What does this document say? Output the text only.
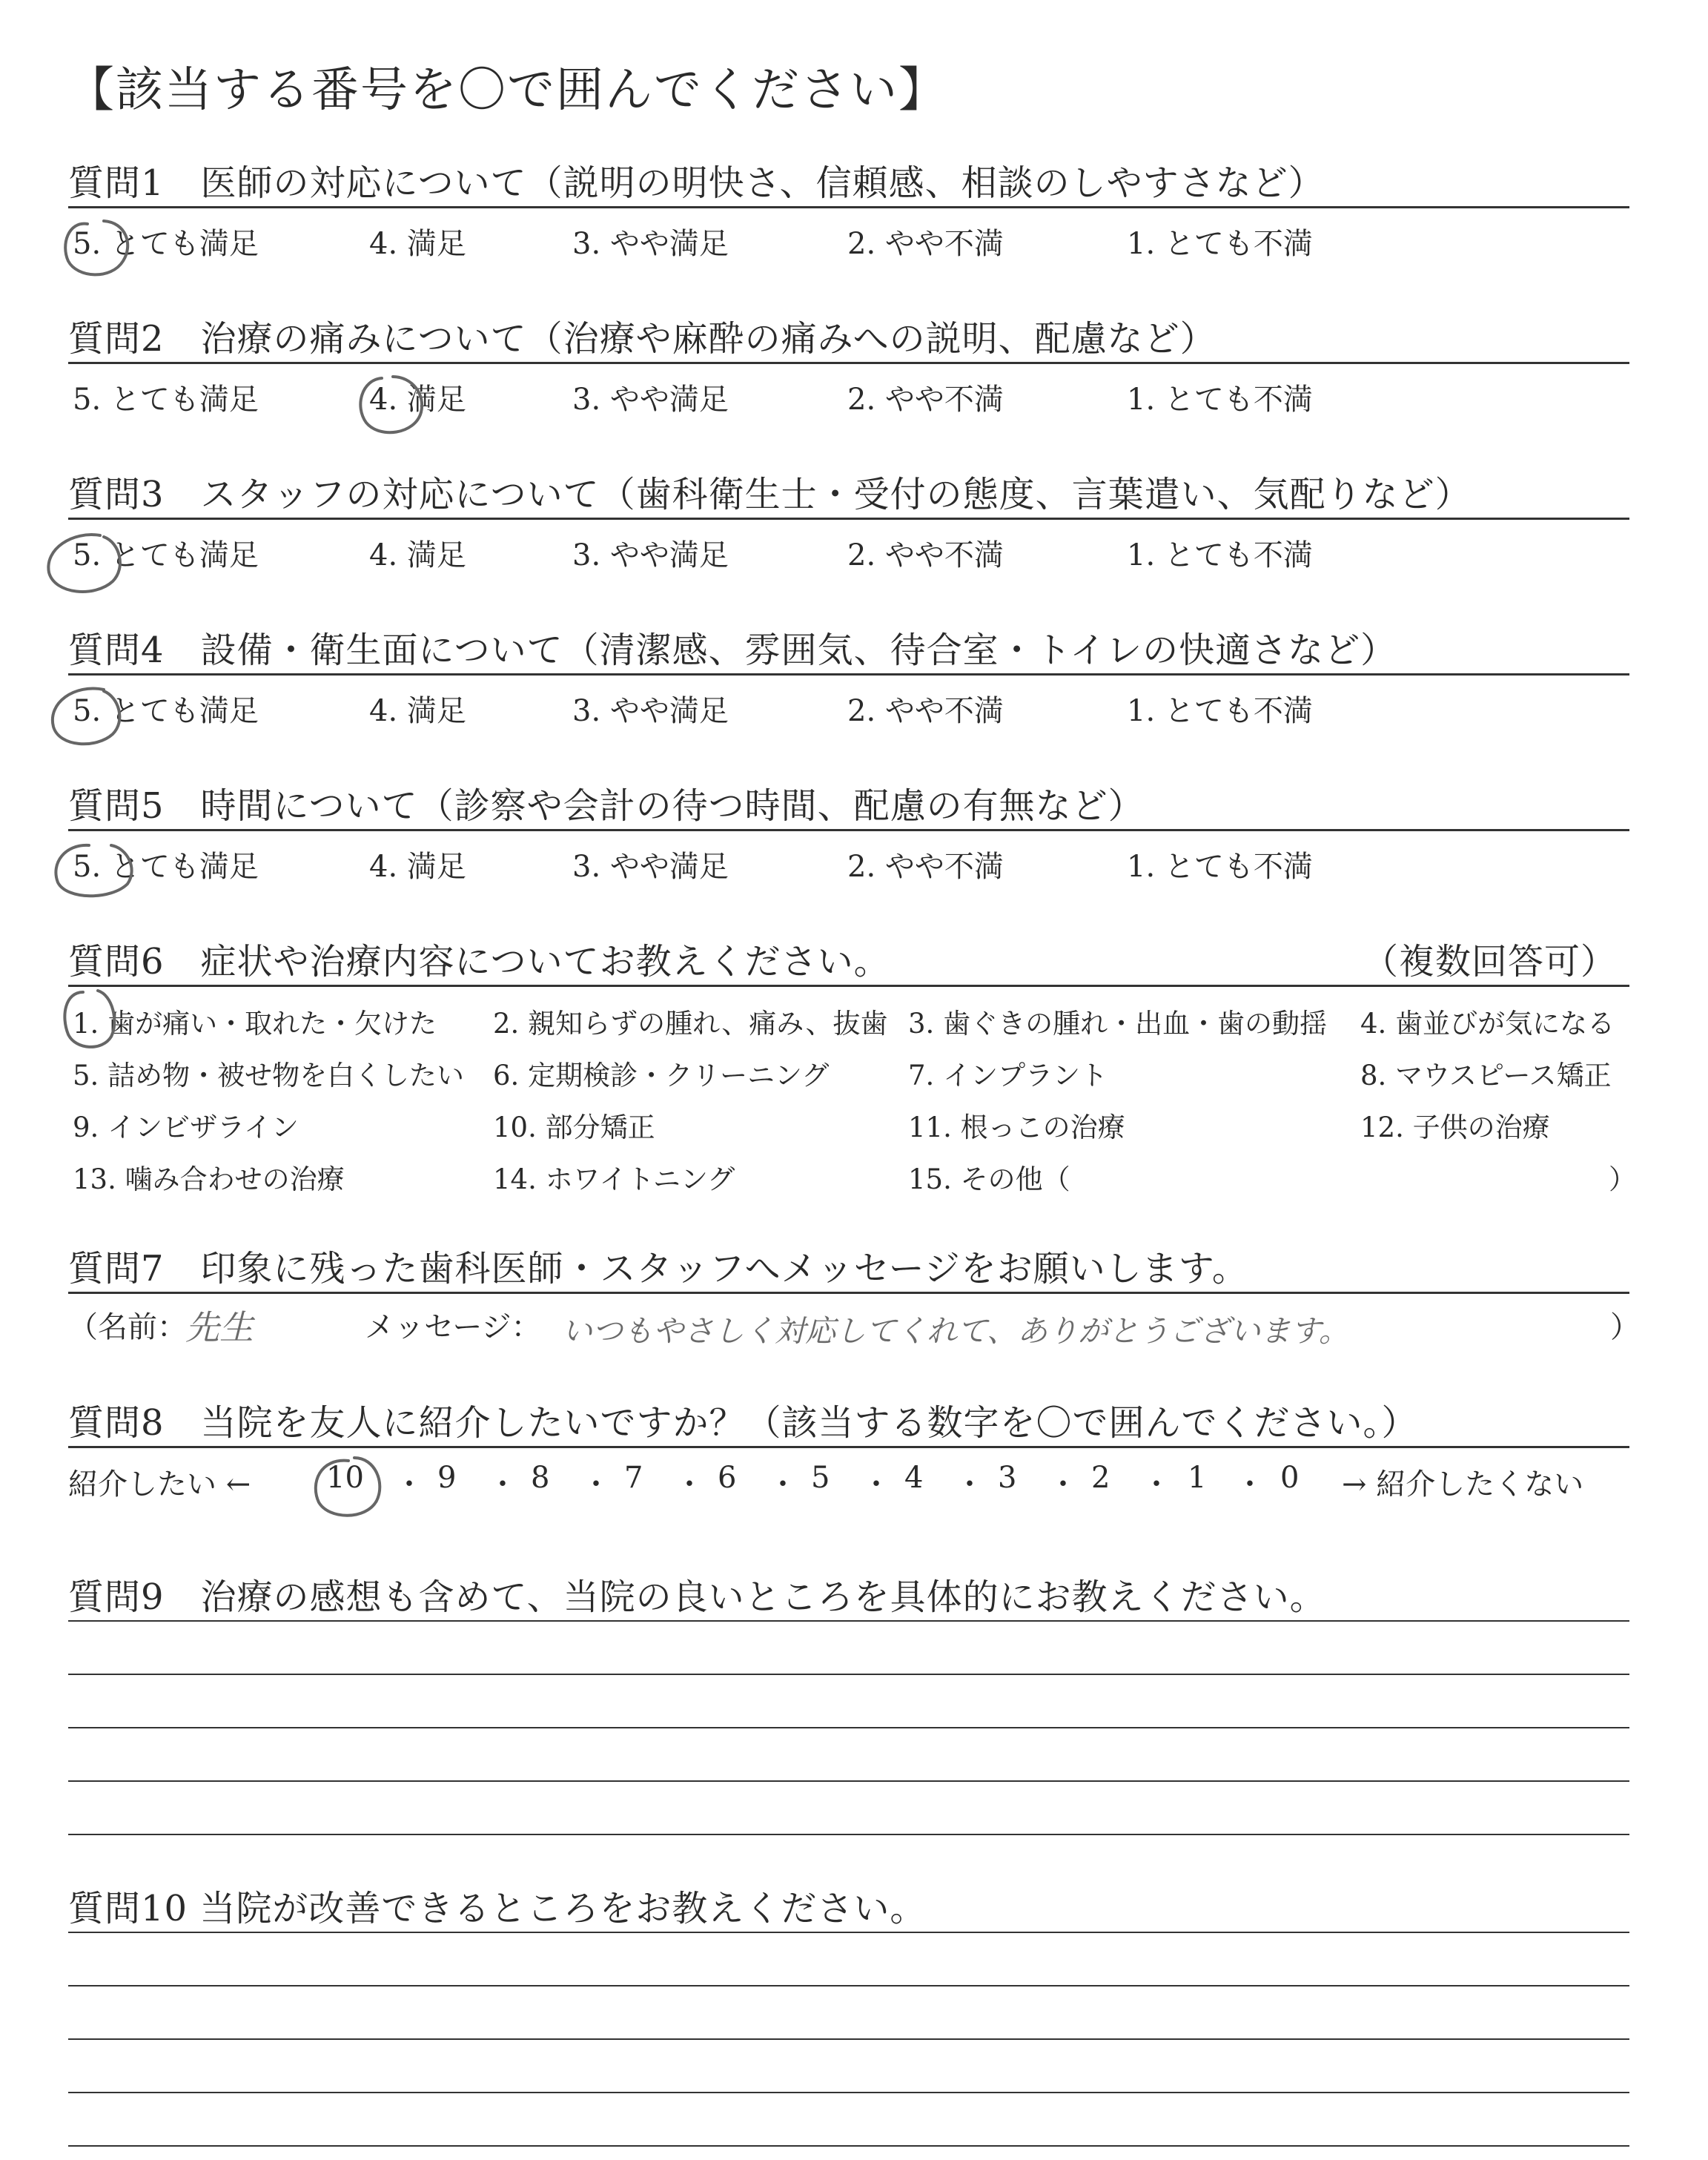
【該当する番号を〇で囲んでください】
質問1　医師の対応について（説明の明快さ、信頼感、相談のしやすさなど）
5. とても満足	4. 満足	3. やや満足	2. やや不満	1. とても不満
質問2　治療の痛みについて（治療や麻酔の痛みへの説明、配慮など）
5. とても満足	4. 満足	3. やや満足	2. やや不満	1. とても不満
質問3　スタッフの対応について（歯科衛生士・受付の態度、言葉遣い、気配りなど）
5. とても満足	4. 満足	3. やや満足	2. やや不満	1. とても不満
質問4　設備・衛生面について（清潔感、雰囲気、待合室・トイレの快適さなど）
5. とても満足	4. 満足	3. やや満足	2. やや不満	1. とても不満
質問5　時間について（診察や会計の待つ時間、配慮の有無など）
5. とても満足	4. 満足	3. やや満足	2. やや不満	1. とても不満
質問6　症状や治療内容についてお教えください。	（複数回答可）
1. 歯が痛い・取れた・欠けた 2. 親知らずの腫れ、痛み、抜歯 3. 歯ぐきの腫れ・出血・歯の動揺 4. 歯並びが気になる
5. 詰め物・被せ物を白くしたい 6. 定期検診・クリーニング	7. インプラント	8. マウスピース矯正
9. インビザライン	10. 部分矯正	11. 根っこの治療	12. 子供の治療
13. 噛み合わせの治療	14. ホワイトニング	15. その他（	）
質問7　印象に残った歯科医師・スタッフへメッセージをお願いします。
（名前：
先生	メッセージ： いつもやさしく対応してくれて、ありがとうございます。	）
質問8　当院を友人に紹介したいですか？（該当する数字を〇で囲んでください。）
紹介したい ←	10 ・ 9 ・ 8 ・ 7 ・ 6 ・ 5 ・ 4 ・ 3 ・ 2 ・ 1 ・ 0 → 紹介したくない
質問9　治療の感想も含めて、当院の良いところを具体的にお教えください。
質問10 当院が改善できるところをお教えください。
